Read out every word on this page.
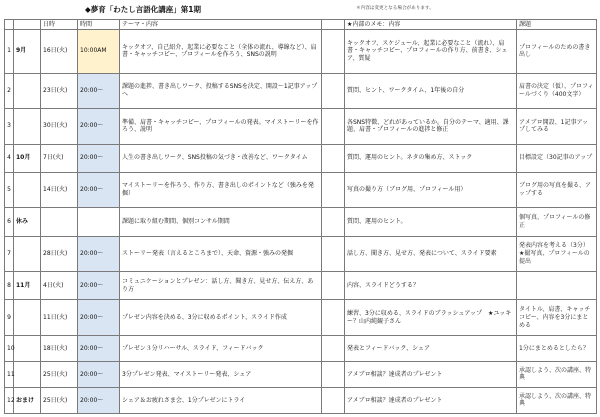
◆夢育「わたし言語化講座」第1期	＊内容は変更となる場合があります。
		日時	時間	テーマ・内容		★内部のメモ：内容	課題
1	9月	16日(火)	10:00AM	キックオフ、自己紹介、起業に必要なこと（全体の流れ、導線など）、肩書・キャッチコピー、プロフィールを作ろう、SNSの説明		キックオフ、スケジュール、起業に必要なこと（流れ）、肩書・キャッチコピー、プロフィールの作り方、前書き、シェア、質疑	プロフィールのための書き出し
2		23日(火)	20:00〜	課題の進捗、書き出しワーク、投稿するSNSを決定、開設〜1記事アップへ		質問、ヒント、ワークタイム、1年後の自分	肩書の決定（仮）、プロフィールづくり（400文字）
3		30日(火)	20:00〜	準備、肩書・キャッチコピー、プロフィールの発表。マイストーリーを作ろう、説明		各SNS特徴、どれがあっているか。自分のテーマ、適用、課題、肩書・プロフィールの進捗と修正	アメブロ開設、1記事アップしてみる
4	10月	7日(火)	20:00〜	人生の書き出しワーク、SNS投稿の気づき・改善など、ワークタイム		質問、運用のヒント。ネタの集め方、ストック	目標設定（30記事のアップ
5		14日(火)	20:00〜	マイストーリーを作ろう、作り方、書き出しのポイントなど（強みを発掘）		写真の撮り方（ブログ用、プロフィール用）	ブログ用の写真を撮る、アップする
6	休み			課題に取り組む期間、個別コンサル期間		質問、運用のヒント。	個写真、プロフィールの修正
7		28日(火)	20:00〜	ストーリー発表（言えるところまで）、天命、資源・強みの発掘		話し方、聞き方、見せ方、発表について、スライド要素	発表内容を考える（3分）★撮写真、プロフィールの提出
8	11月	4日(火)	20:00〜	コミュニケーションとプレゼン：話し方、聞き方、見せ方、伝え方、あり方		内容、スライドどうする？	
9		11日(火)	20:00〜	プレゼン内容を決める、3分に収めるポイント、スライド作成		練習、3分に収める、スライドのブラッシュアップ　★ユッキー？山内純観子さん	タイトル、肩書、キャッチコピー、内容を3分にまとめる
10		18日(火)	20:00〜	プレゼン３分リハーサル、スライド、フィードバック		発表とフィードバック、シェア	1分にまとめるとしたら？
11		25日(火)	20:00〜	3分プレゼン発表、マイストーリー発表、シェア		アメブロ相談？達成者のプレゼント	承認しよう、次の講座、特典
12	おまけ	25日(火)	20:00〜	シェア＆お疲れさま会、1分プレゼンにトライ		アメブロ相談？達成者のプレゼント	承認しよう、次の講座、特典
